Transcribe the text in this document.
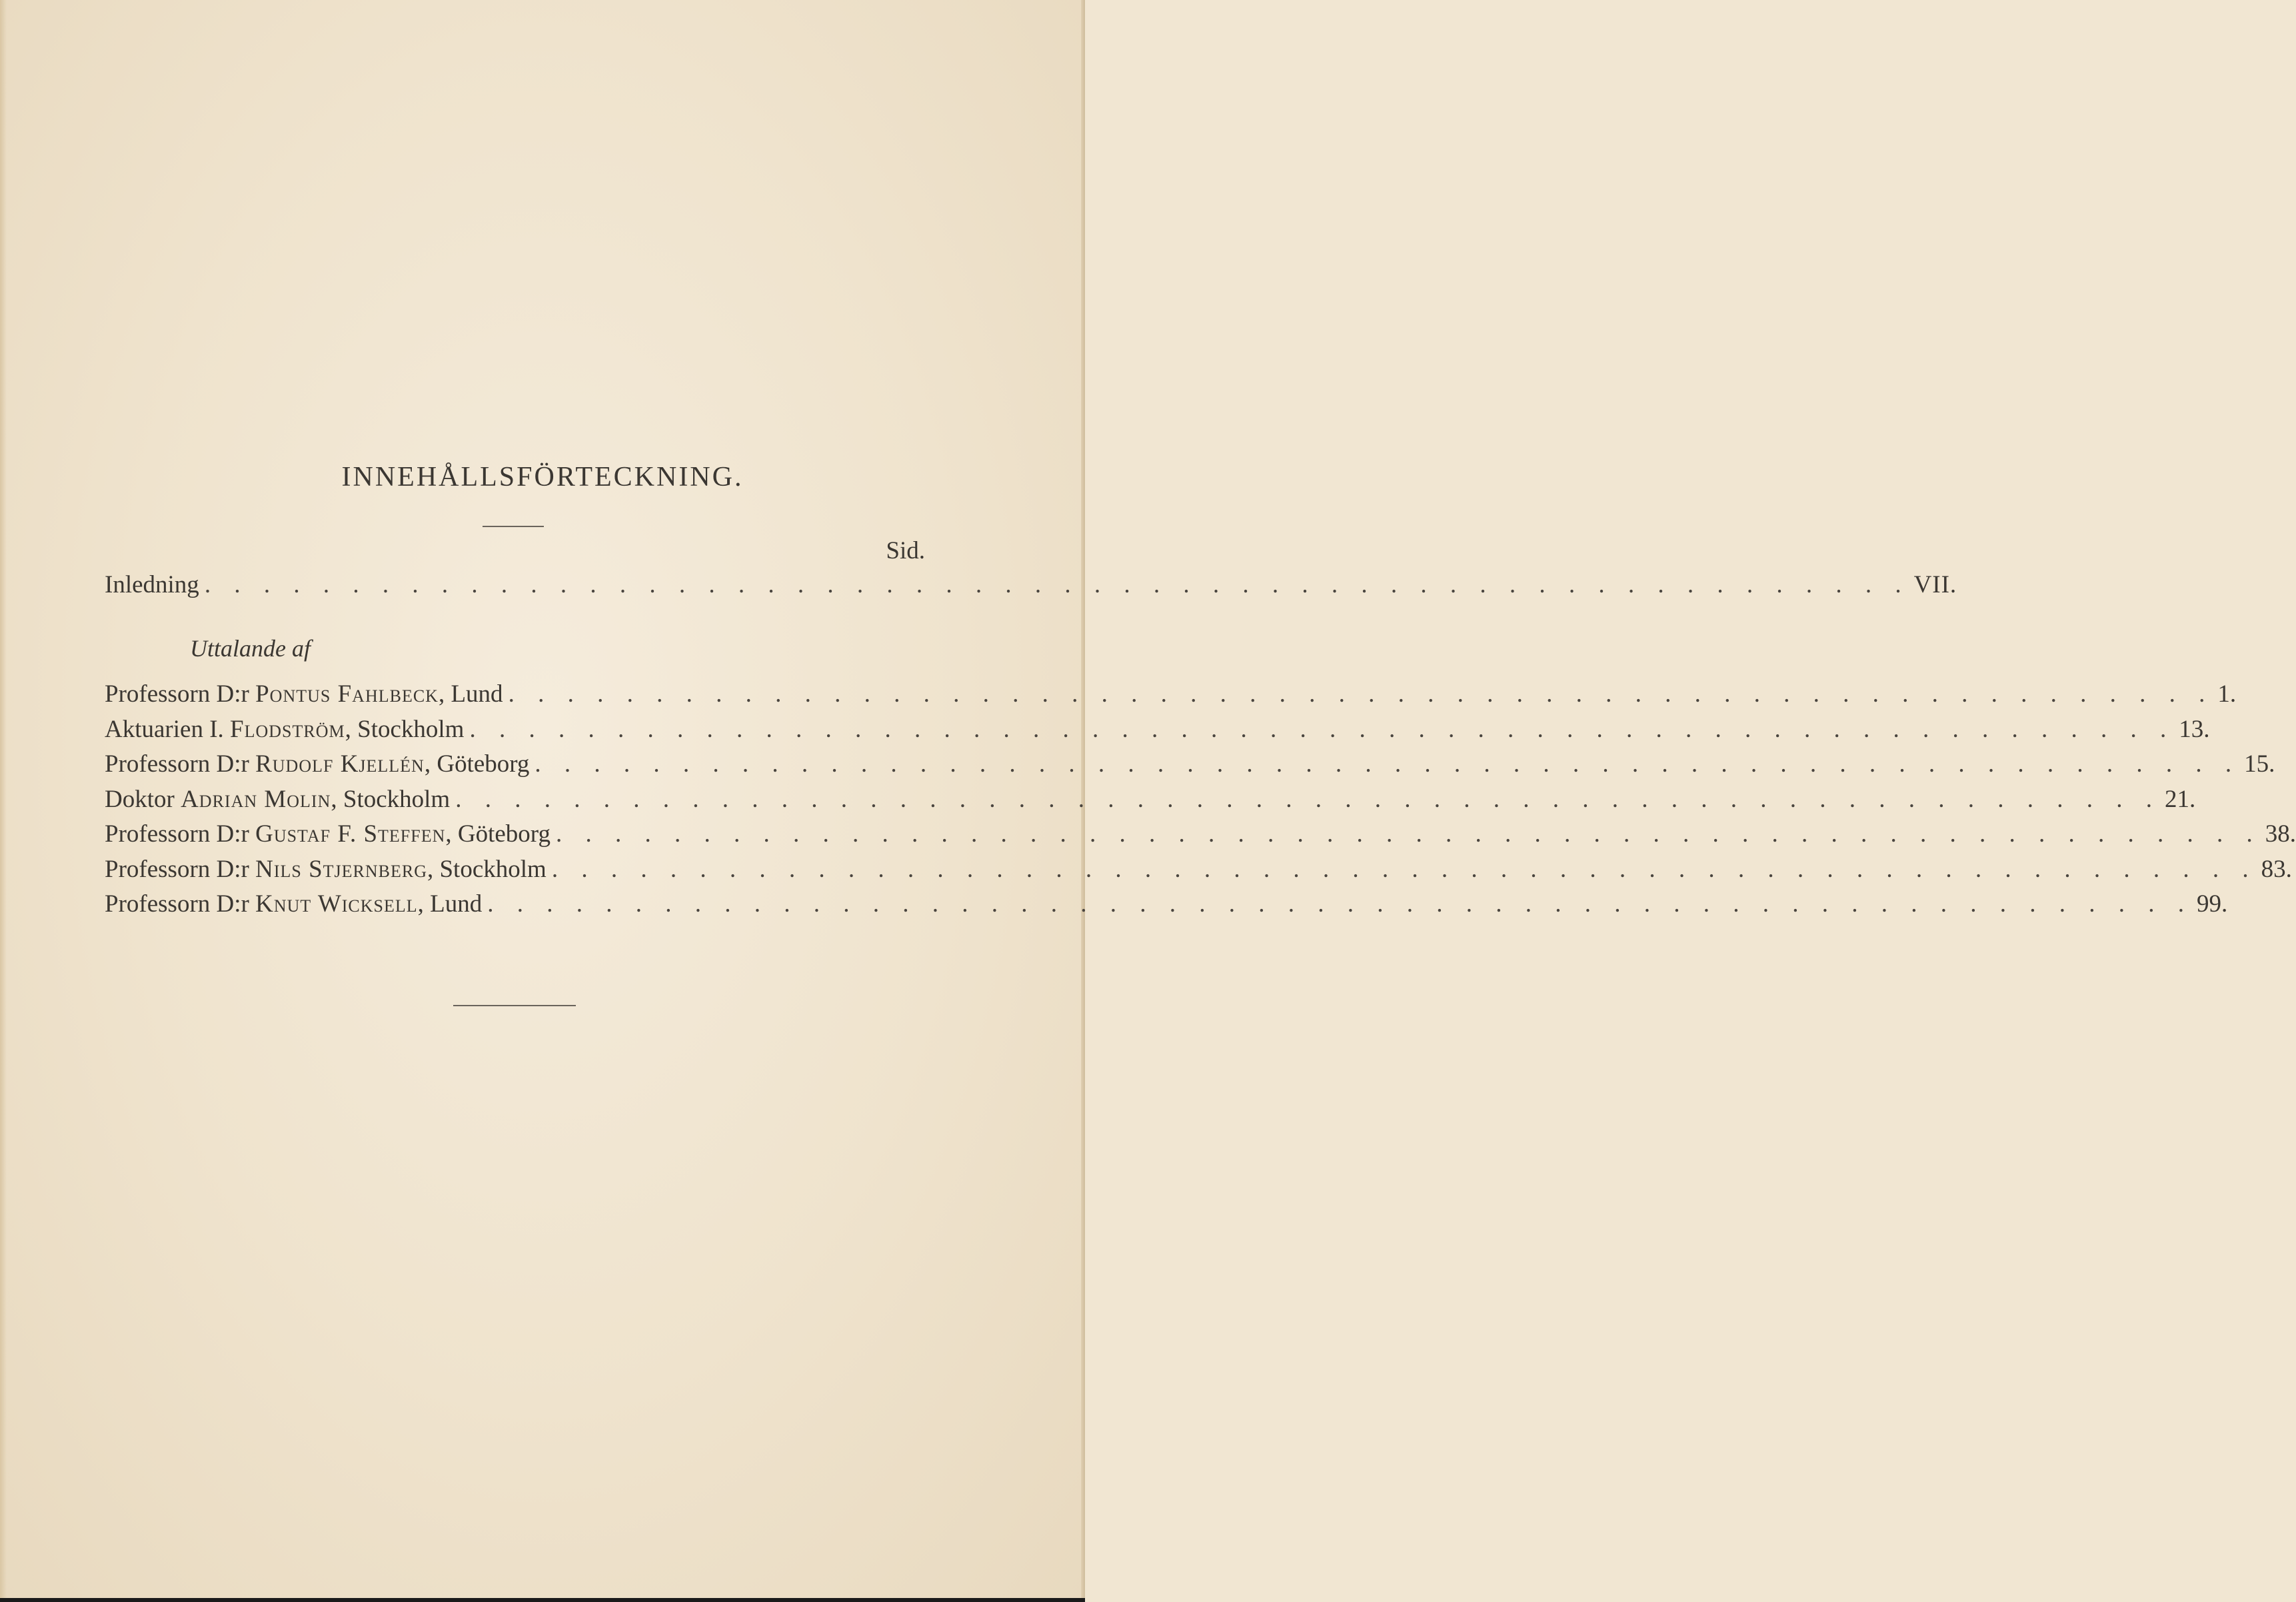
INNEHÅLLSFÖRTECKNING.
Sid.
Inledning . . . . . . . . . . . . . . . . . . . . . . . . . . . . . . . . . . . . . . . . . . . . . . . . . . . . . . . . . . VII.
Uttalande af
Professorn D:r Pontus Fahlbeck, Lund . . . . . . . . . . . . . . . . . . . . . . . . . . . . . . . . . . . . . . . . . . . . . . . . . . . . . . . . . . 1.
Aktuarien I. Flodström, Stockholm . . . . . . . . . . . . . . . . . . . . . . . . . . . . . . . . . . . . . . . . . . . . . . . . . . . . . . . . . . 13.
Professorn D:r Rudolf Kjellén, Göteborg . . . . . . . . . . . . . . . . . . . . . . . . . . . . . . . . . . . . . . . . . . . . . . . . . . . . . . . . . . 15.
Doktor Adrian Molin, Stockholm . . . . . . . . . . . . . . . . . . . . . . . . . . . . . . . . . . . . . . . . . . . . . . . . . . . . . . . . . . 21.
Professorn D:r Gustaf F. Steffen, Göteborg . . . . . . . . . . . . . . . . . . . . . . . . . . . . . . . . . . . . . . . . . . . . . . . . . . . . . . . . . . 38.
Professorn D:r Nils Stjernberg, Stockholm . . . . . . . . . . . . . . . . . . . . . . . . . . . . . . . . . . . . . . . . . . . . . . . . . . . . . . . . . . 83.
Professorn D:r Knut Wicksell, Lund . . . . . . . . . . . . . . . . . . . . . . . . . . . . . . . . . . . . . . . . . . . . . . . . . . . . . . . . . . 99.
